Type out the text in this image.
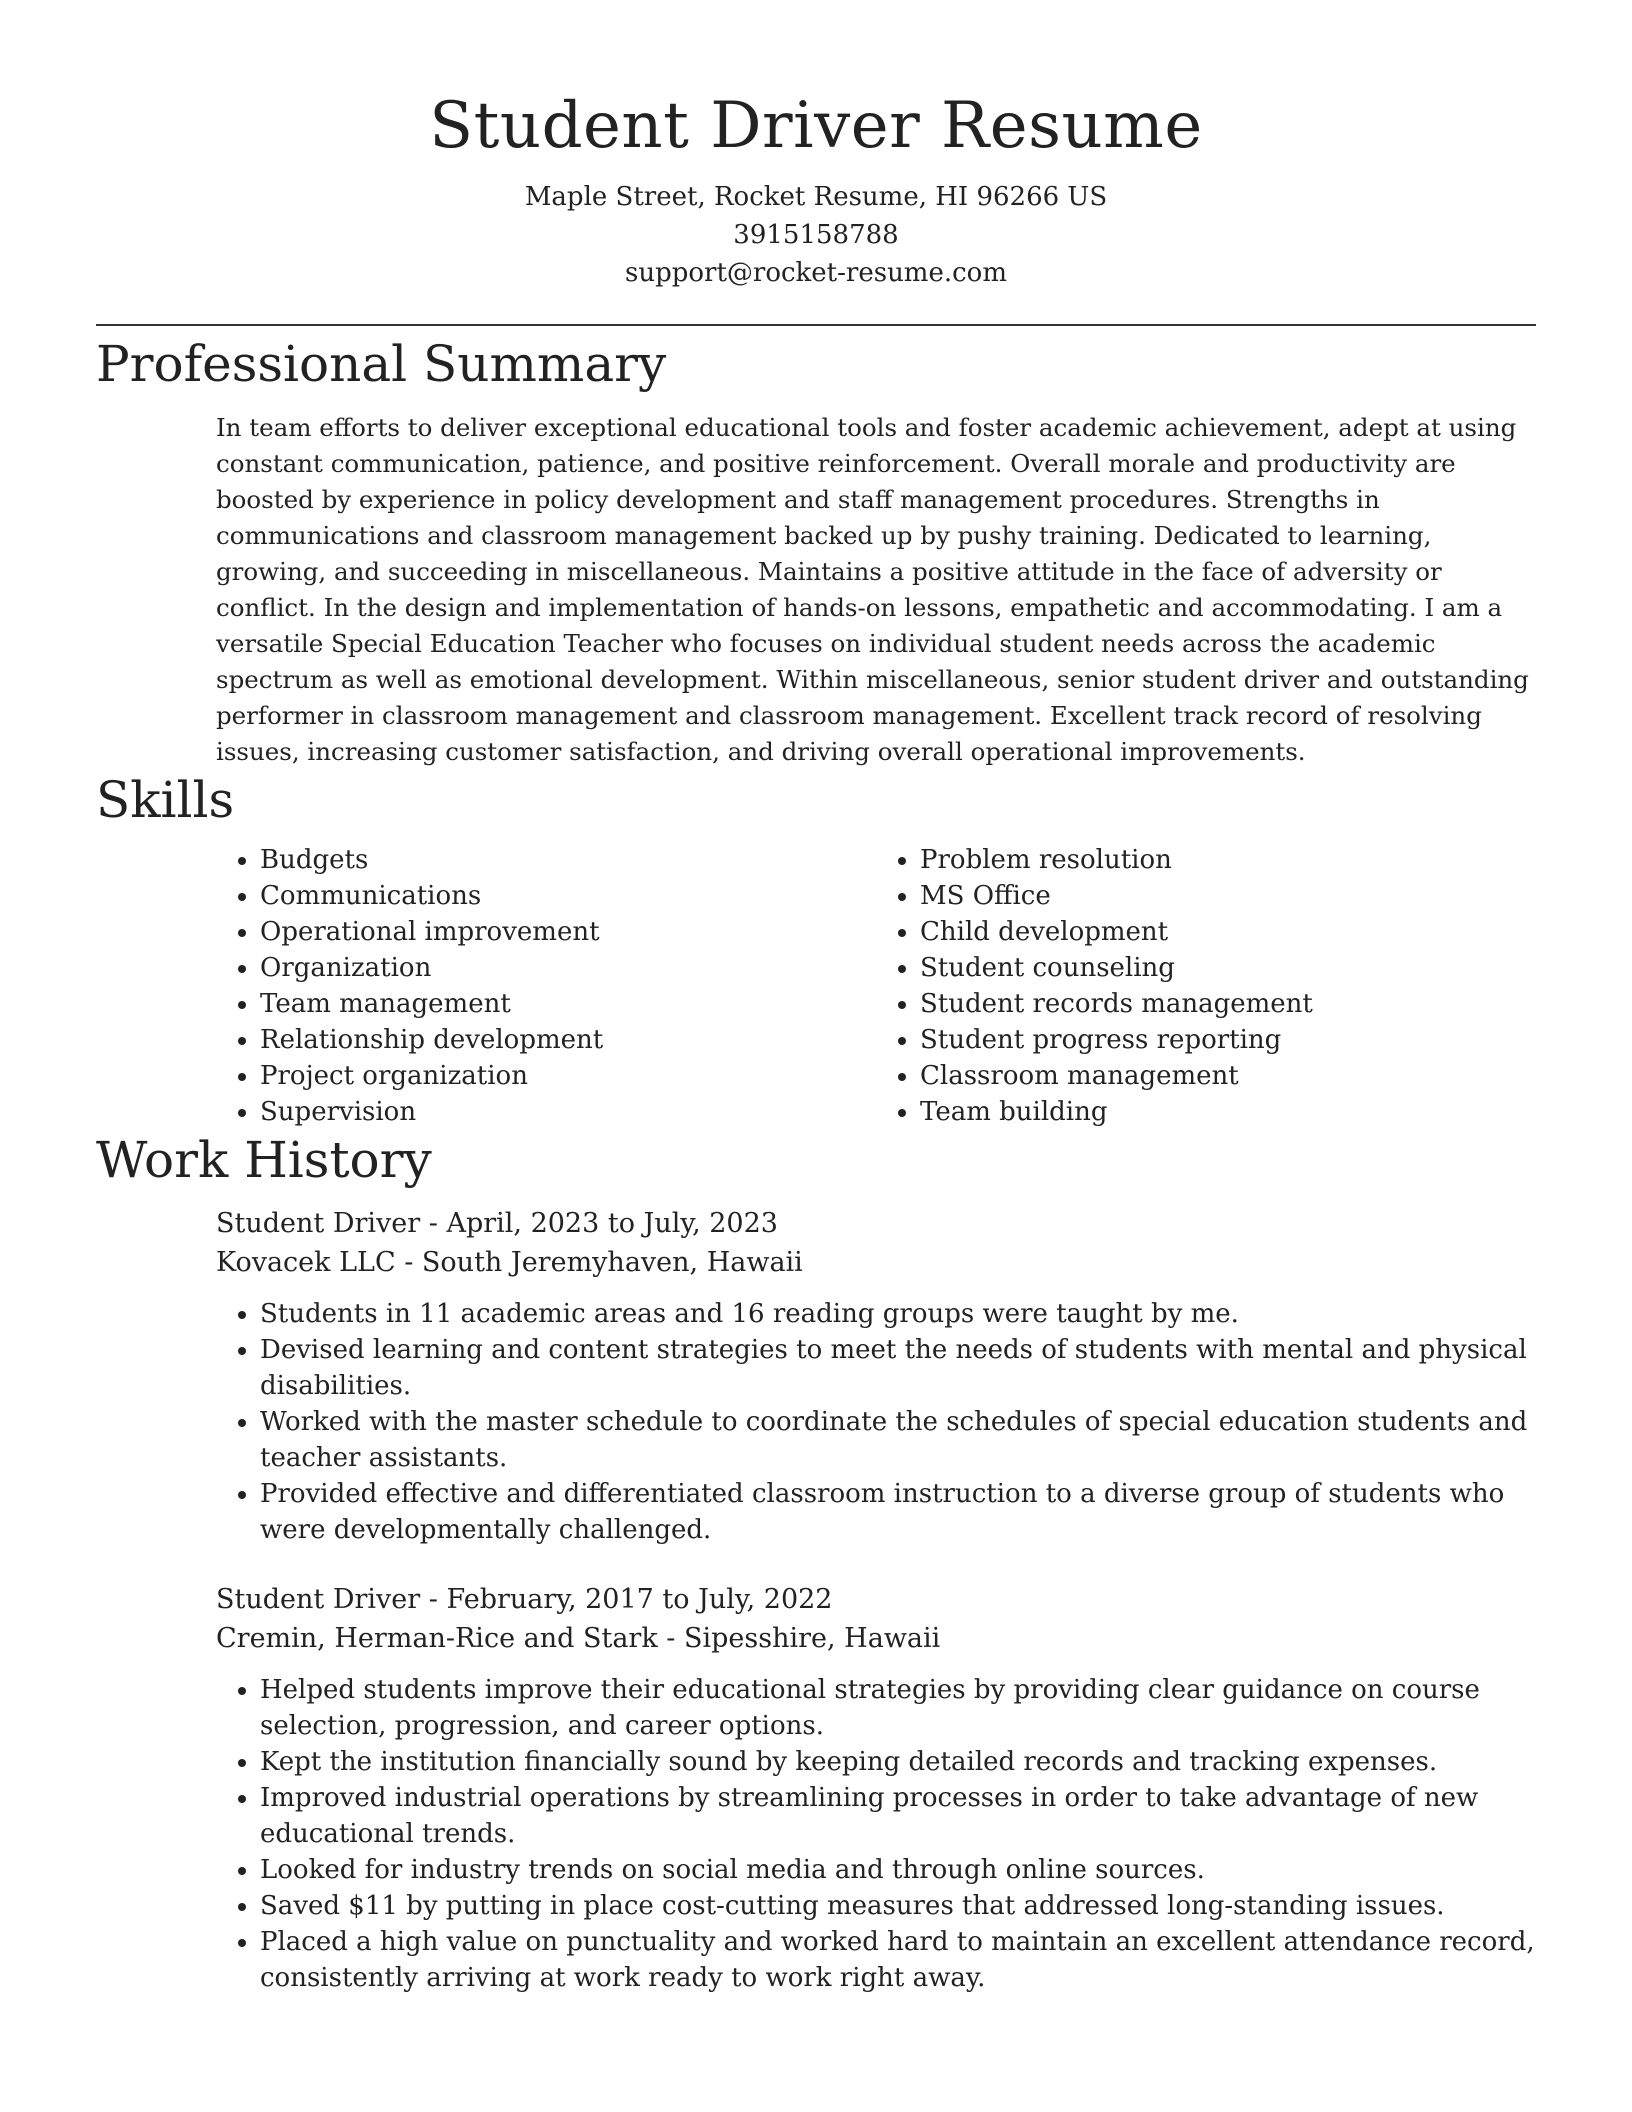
Student Driver Resume
Maple Street, Rocket Resume, HI 96266 US
3915158788
support@rocket-resume.com
Professional Summary

In team efforts to deliver exceptional educational tools and foster academic achievement, adept at using constant communication, patience, and positive reinforcement. Overall morale and productivity are boosted by experience in policy development and staff management procedures. Strengths in communications and classroom management backed up by pushy training. Dedicated to learning, growing, and succeeding in miscellaneous. Maintains a positive attitude in the face of adversity or conflict. In the design and implementation of hands-on lessons, empathetic and accommodating. I am a versatile Special Education Teacher who focuses on individual student needs across the academic spectrum as well as emotional development. Within miscellaneous, senior student driver and outstanding performer in classroom management and classroom management. Excellent track record of resolving issues, increasing customer satisfaction, and driving overall operational improvements.

Skills
• Budgets
• Communications
• Operational improvement
• Organization
• Team management
• Relationship development
• Project organization
• Supervision
• Problem resolution
• MS Office
• Child development
• Student counseling
• Student records management
• Student progress reporting
• Classroom management
• Team building
Work History
Student Driver - April, 2023 to July, 2023
Kovacek LLC - South Jeremyhaven, Hawaii
• Students in 11 academic areas and 16 reading groups were taught by me.
• Devised learning and content strategies to meet the needs of students with mental and physical disabilities.
• Worked with the master schedule to coordinate the schedules of special education students and teacher assistants.
• Provided effective and differentiated classroom instruction to a diverse group of students who were developmentally challenged.
Student Driver - February, 2017 to July, 2022
Cremin, Herman-Rice and Stark - Sipesshire, Hawaii
• Helped students improve their educational strategies by providing clear guidance on course selection, progression, and career options.
• Kept the institution financially sound by keeping detailed records and tracking expenses.
• Improved industrial operations by streamlining processes in order to take advantage of new educational trends.
• Looked for industry trends on social media and through online sources.
• Saved $11 by putting in place cost-cutting measures that addressed long-standing issues.
• Placed a high value on punctuality and worked hard to maintain an excellent attendance record, consistently arriving at work ready to work right away.
